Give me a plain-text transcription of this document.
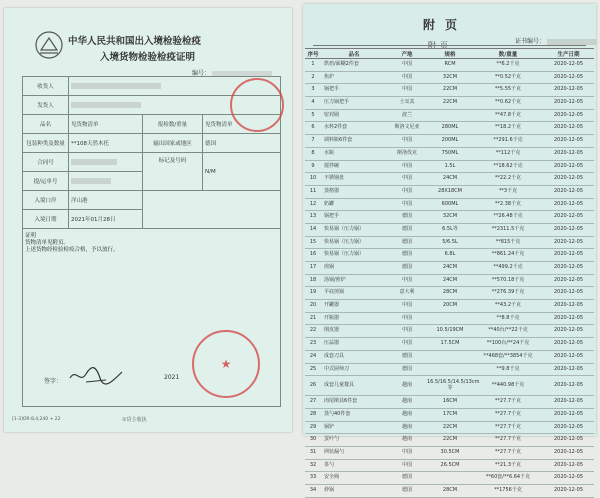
中华人民共和国出入境检验检疫
入境货物检验检疫证明
编号：
收货人			
发货人			
品名	见货物清单	报检数/重量	见货物清单
包装种类及数量	**108天然木托	输出国家或地区	德国
合同号		标记及号码	N/M
提/运单号			
入境口岸	洋山港		
入境日期	2021年01月28日		

证明
货物清单见附页。
上述货物经检验检疫合格，予以放行。			
★
签字：
2021
[1-3]OR-8,4,240 + 22	①货主收执
附页
证书编号：
附页
序号	品名	产地	规格	数/重量	生产日期
1	烘焙/面糊2件套	中国	RCM	**6.2千克	2020-12-05
2	焦炉	中国	32CM	**0.52千克	2020-12-05
3	锅把手	中国	22CM	**5.55千克	2020-12-05
4	压力锅把手	土耳其	22CM	**0.62千克	2020-12-05
5	密封圈	波兰		**47.8千克	2020-12-05
6	水杯2件套	斯洛文尼亚	280ML	**18.2千克	2020-12-05
7	调料瓶6件套	中国	200ML	**291.6千克	2020-12-05
8	水瓶	斯洛伐克	750ML	**112千克	2020-12-05
9	搅拌碗	中国	1.5L	**18.62千克	2020-12-05
10	不锈钢盘	中国	24CM	**22.2千克	2020-12-05
11	蒸格器	中国	28X18CM	**3千克	2020-12-05
12	奶罐	中国	600ML	**2.38千克	2020-12-05
13	锅把手	德国	32CM	**26.48千克	2020-12-05
14	快易锅（压力锅）	德国	6.5L等	**2311.5千克	2020-12-05
15	快易锅（压力锅）	德国	5/6.5L	**815千克	2020-12-05
16	快易锅（压力锅）	德国	6.8L	**861.24千克	2020-12-05
17	煎锅	德国	24CM	**499.2千克	2020-12-05
18	汤锅/煎炉	中国	24CM	**570.18千克	2020-12-05
19	平底煎锅	意大利	28CM	**276.39千克	2020-12-05
20	开罐器	中国	20CM	**43.2千克	2020-12-05
21	开瓶器	中国		**8.8千克	2020-12-05
22	削皮器	中国	10.5/19CM	**40台/**22千克	2020-12-05
23	压蒜器	中国	17.5CM	**100台/**24千克	2020-12-05
24	成套刀具	德国		**468套/**3854千克	2020-12-05
25	中式厨师刀	德国		**9.8千克	2020-12-05
26	成套儿童餐具	越南	16.5/16.5/14.5/13cm等	**440.98千克	2020-12-05
27	肉尾斯其6件套	越南	16CM	**27.7千克	2020-12-05
28	蒸勺40件套	越南	17CM	**27.7千克	2020-12-05
29	锅铲	越南	22CM	**27.7千克	2020-12-05
30	蛋叶勺	越南	22CM	**27.7千克	2020-12-05
31	网状漏勺	中国	30.5CM	**27.7千克	2020-12-05
32	茶勺	中国	26.5CM	**21.3千克	2020-12-05
33	安全阀	德国		**60套/**6.64千克	2020-12-05
34	炒锅	德国	28CM	**1756千克	2020-12-05
